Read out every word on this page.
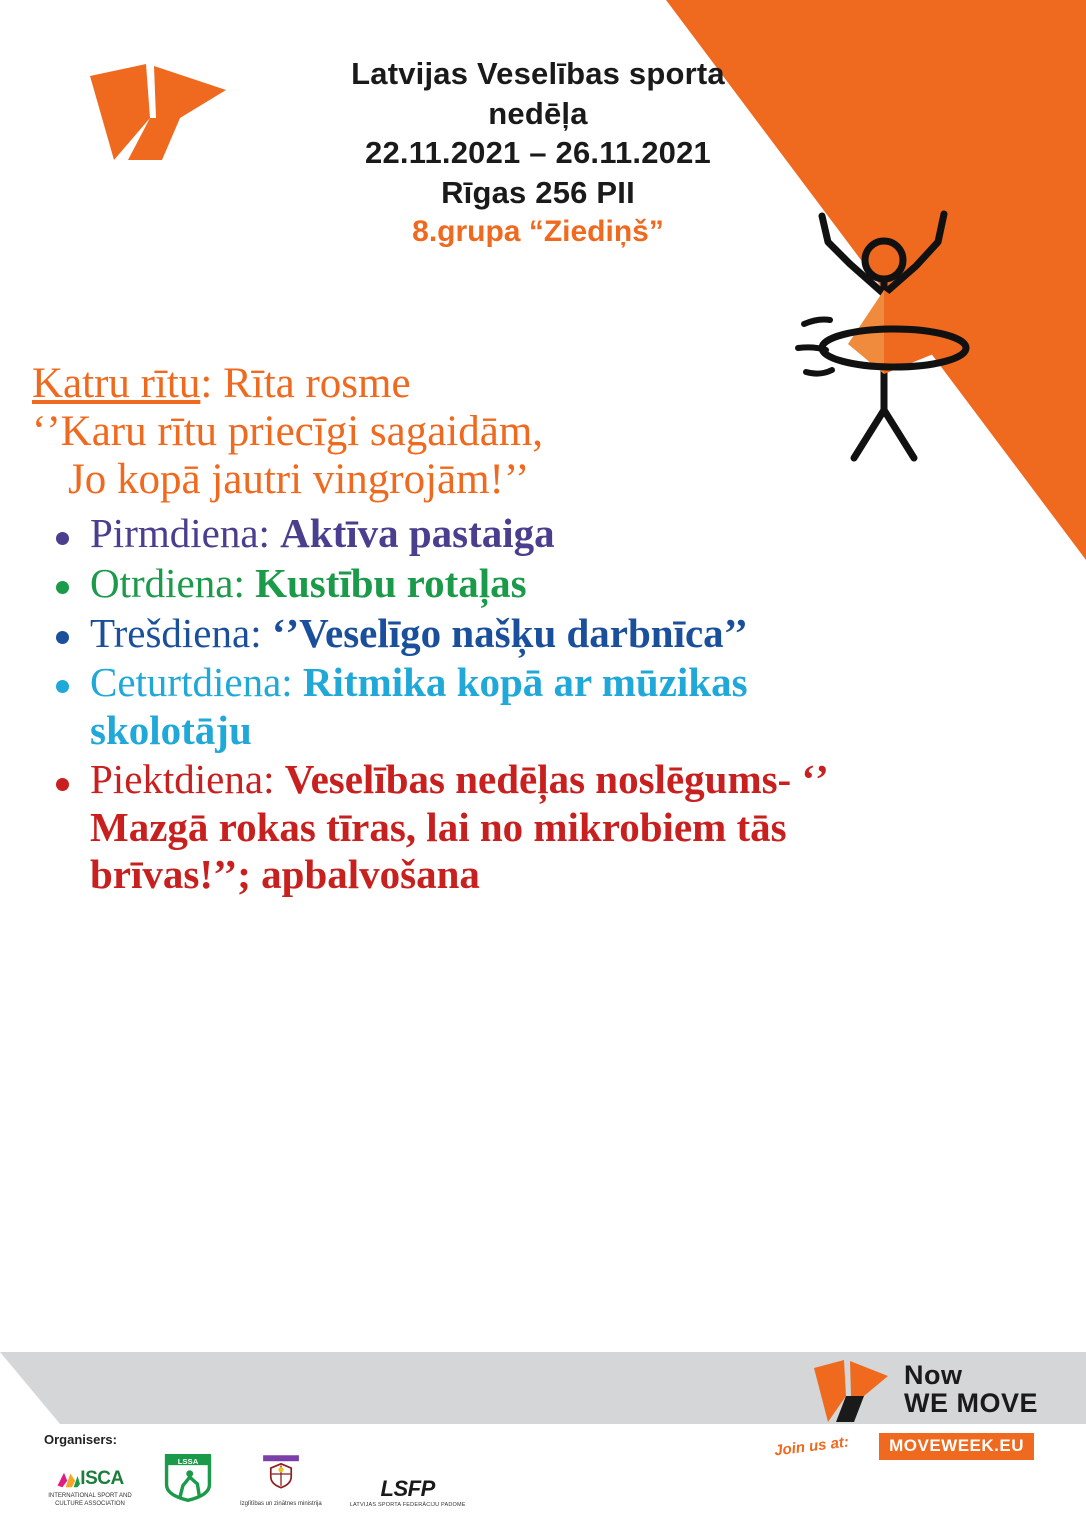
Latvijas Veselības sporta
nedēļa
22.11.2021 – 26.11.2021
Rīgas 256 PII
8.grupa “Ziediņš”
Katru rītu: Rīta rosme
‘’Karu rītu priecīgi sagaidām,
Jo kopā jautri vingrojām!’’
Pirmdiena: Aktīva pastaiga
Otrdiena: Kustību rotaļas
Trešdiena: ‘’Veselīgo našķu darbnīca’’
Ceturtdiena: Ritmika kopā ar mūzikas skolotāju
Piektdiena: Veselības nedēļas noslēgums- ‘’ Mazgā rokas tīras, lai no mikrobiem tās brīvas!’’; apbalvošana
Now
WE MOVE
Join us at: MOVEWEEK.EU
Organisers:
ISCA
INTERNATIONAL SPORT AND CULTURE ASSOCIATION
LSSA
Izglītības un zinātnes ministrija
LSFP
LATVIJAS SPORTA FEDERĀCIJU PADOME
